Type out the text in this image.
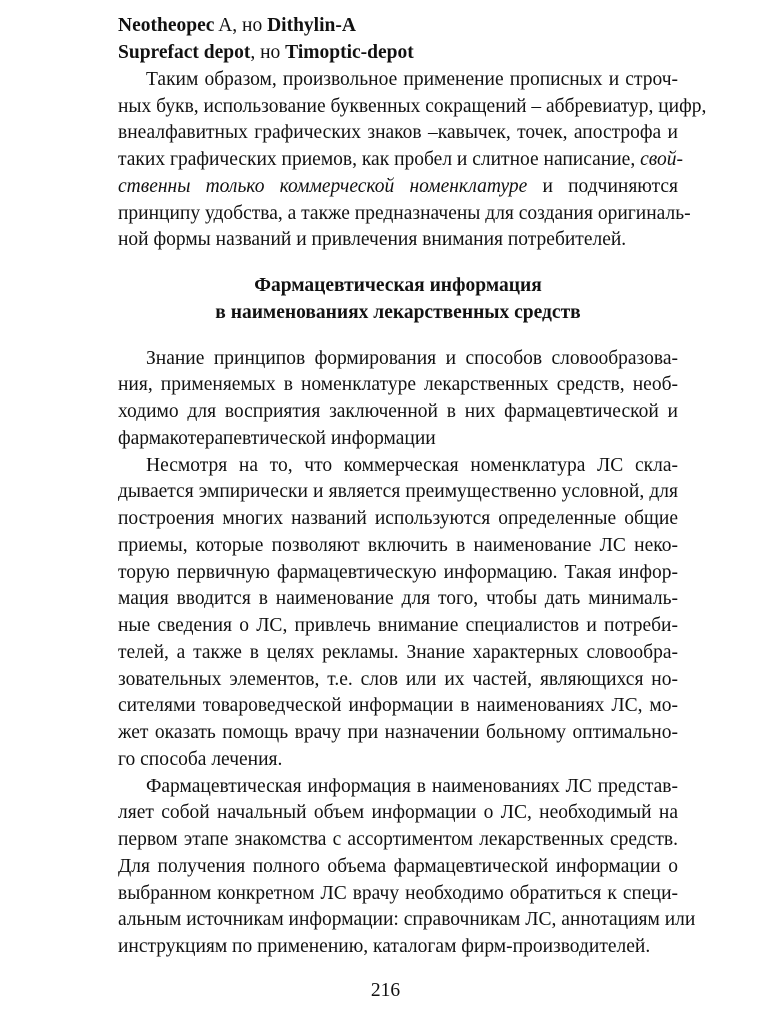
Neotheopec A, но Dithylin-A

Suprefact depot, но Timoptic-depot

Таким образом, произвольное применение прописных и строч-

ных букв, использование буквенных сокращений – аббревиатур, цифр,

внеалфавитных графических знаков –кавычек, точек, апострофа и

таких графических приемов, как пробел и слитное написание, свой-

ственны только коммерческой номенклатуре и подчиняются

принципу удобства, а также предназначены для создания оригиналь-

ной формы названий и привлечения внимания потребителей.

Фармацевтическая информация

в наименованиях лекарственных средств

Знание принципов формирования и способов словообразова-

ния, применяемых в номенклатуре лекарственных средств, необ-

ходимо для восприятия заключенной в них фармацевтической и

фармакотерапевтической информации

Несмотря на то, что коммерческая номенклатура ЛС скла-

дывается эмпирически и является преимущественно условной, для

построения многих названий используются определенные общие

приемы, которые позволяют включить в наименование ЛС неко-

торую первичную фармацевтическую информацию. Такая инфор-

мация вводится в наименование для того, чтобы дать минималь-

ные сведения о ЛС, привлечь внимание специалистов и потреби-

телей, а также в целях рекламы. Знание характерных словообра-

зовательных элементов, т.е. слов или их частей, являющихся но-

сителями товароведческой информации в наименованиях ЛС, мо-

жет оказать помощь врачу при назначении больному оптимально-

го способа лечения.

Фармацевтическая информация в наименованиях ЛС представ-

ляет собой начальный объем информации о ЛС, необходимый на

первом этапе знакомства с ассортиментом лекарственных средств.

Для получения полного объема фармацевтической информации о

выбранном конкретном ЛС врачу необходимо обратиться к специ-

альным источникам информации: справочникам ЛС, аннотациям или

216

инструкциям по применению, каталогам фирм-производителей.
